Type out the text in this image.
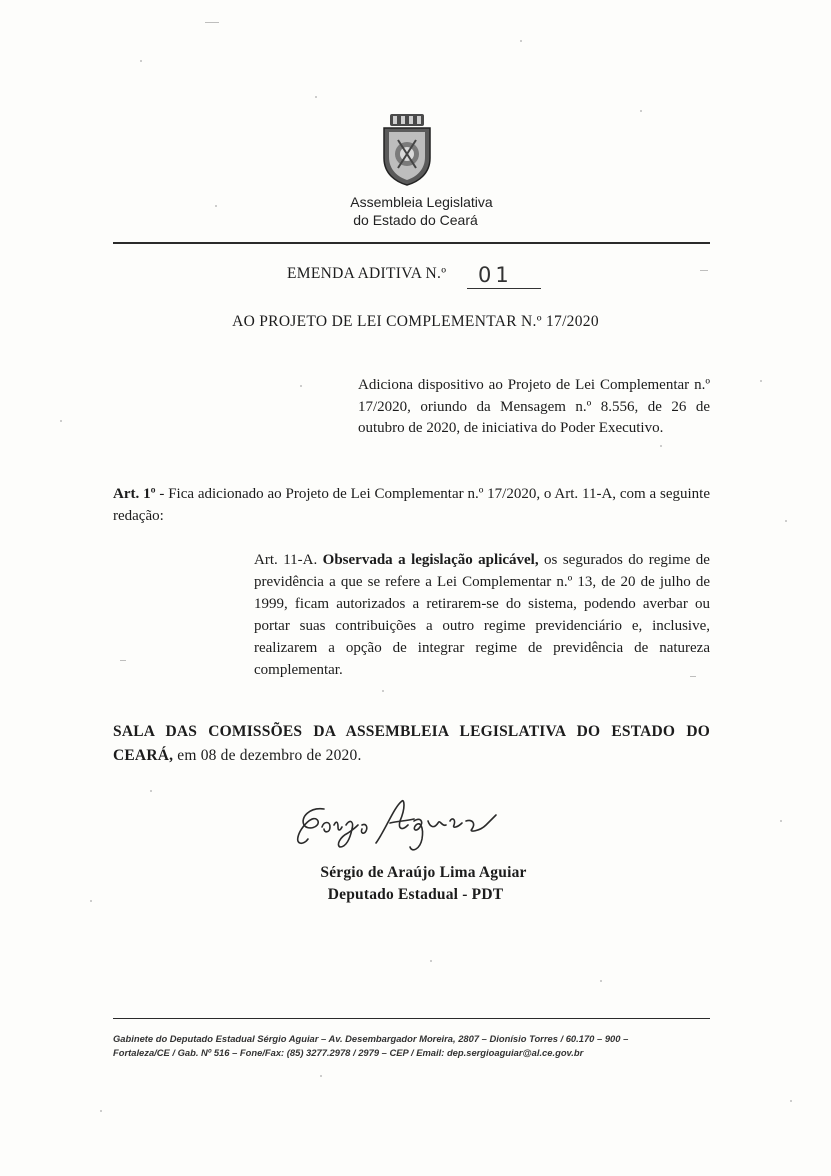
Assembleia Legislativa
do Estado do Ceará
EMENDA ADITIVA N.º	01
AO PROJETO DE LEI COMPLEMENTAR N.º 17/2020
Adiciona dispositivo ao Projeto de Lei Complementar n.º 17/2020, oriundo da Mensagem n.º 8.556, de 26 de outubro de 2020, de iniciativa do Poder Executivo.
Art. 1º - Fica adicionado ao Projeto de Lei Complementar n.º 17/2020, o Art. 11-A, com a seguinte redação:
Art. 11-A. Observada a legislação aplicável, os segurados do regime de previdência a que se refere a Lei Complementar n.º 13, de 20 de julho de 1999, ficam autorizados a retirarem-se do sistema, podendo averbar ou portar suas contribuições a outro regime previdenciário e, inclusive, realizarem a opção de integrar regime de previdência de natureza complementar.
SALA DAS COMISSÕES DA ASSEMBLEIA LEGISLATIVA DO ESTADO DO CEARÁ, em 08 de dezembro de 2020.
Sérgio de Araújo Lima Aguiar
Deputado Estadual - PDT
Gabinete do Deputado Estadual Sérgio Aguiar – Av. Desembargador Moreira, 2807 – Dionísio Torres / 60.170 – 900 –
Fortaleza/CE / Gab. Nº 516 – Fone/Fax: (85) 3277.2978 / 2979 – CEP / Email: dep.sergioaguiar@al.ce.gov.br
